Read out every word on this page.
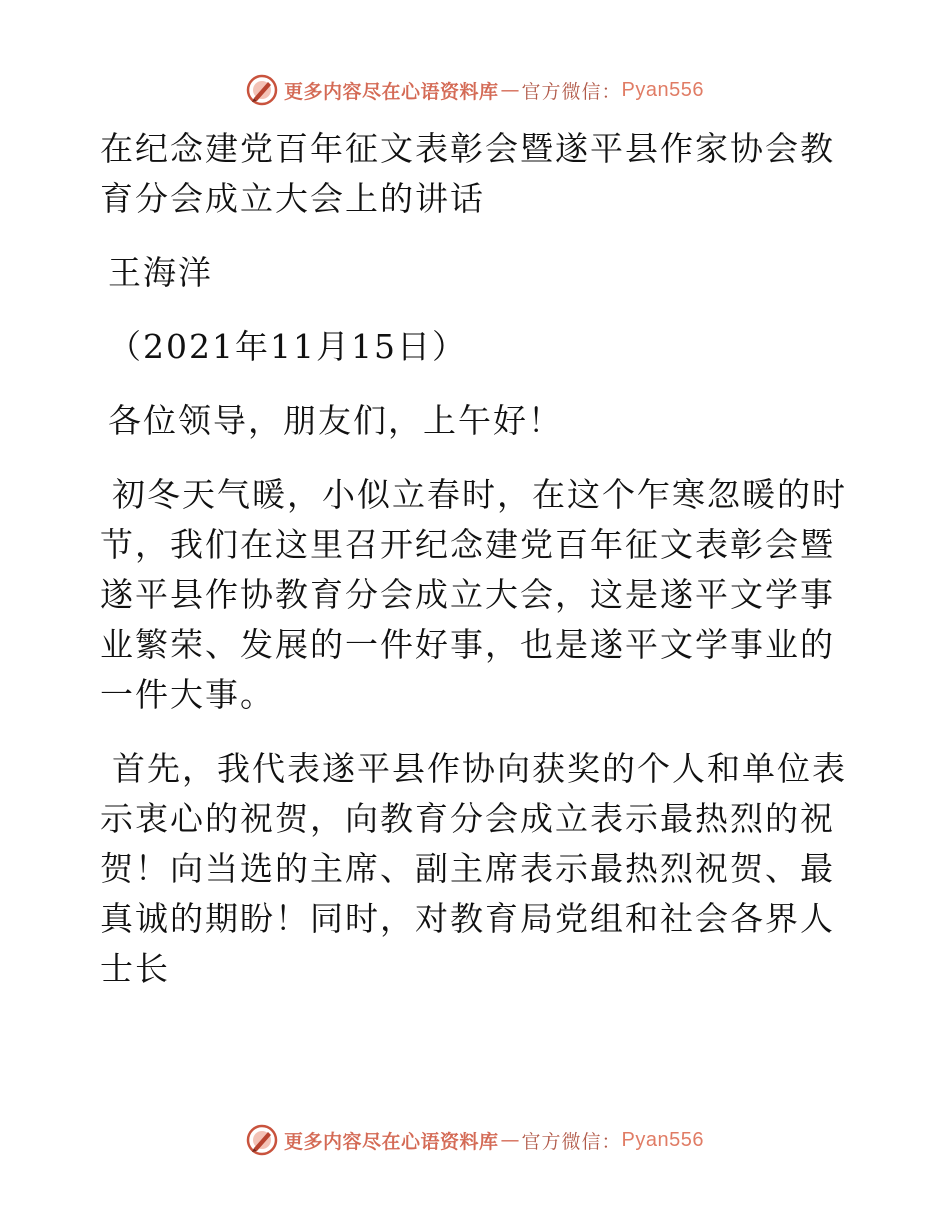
更多内容尽在心语资料库 — 官方微信： Pyan556

在纪念建党百年征文表彰会暨遂平县作家协会教育分会成立大会上的讲话

王海洋

（2021年11月15日）

各位领导，朋友们，上午好！

初冬天气暖，小似立春时，在这个乍寒忽暖的时节，我们在这里召开纪念建党百年征文表彰会暨遂平县作协教育分会成立大会，这是遂平文学事业繁荣、发展的一件好事，也是遂平文学事业的一件大事。

首先，我代表遂平县作协向获奖的个人和单位表示衷心的祝贺，向教育分会成立表示最热烈的祝贺！向当选的主席、副主席表示最热烈祝贺、最真诚的期盼！同时，对教育局党组和社会各界人士长

更多内容尽在心语资料库 — 官方微信： Pyan556
